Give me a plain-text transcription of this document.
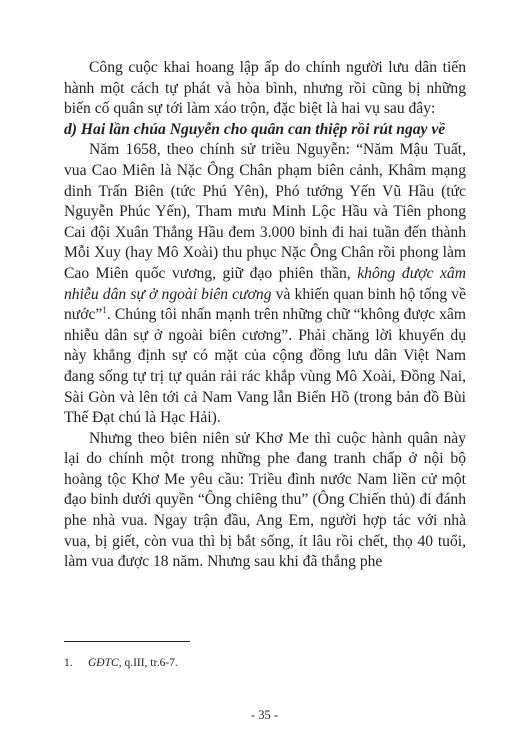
Công cuộc khai hoang lập ấp do chính người lưu dân tiến hành một cách tự phát và hòa bình, nhưng rồi cũng bị những biến cố quân sự tới làm xáo trộn, đặc biệt là hai vụ sau đây:

d) Hai lần chúa Nguyễn cho quân can thiệp rồi rút ngay về

Năm 1658, theo chính sử triều Nguyễn: “Năm Mậu Tuất, vua Cao Miên là Nặc Ông Chân phạm biên cảnh, Khâm mạng dinh Trấn Biên (tức Phú Yên), Phó tướng Yến Vũ Hầu (tức Nguyễn Phúc Yến), Tham mưu Minh Lộc Hầu và Tiên phong Cai đội Xuân Thắng Hầu đem 3.000 binh đi hai tuần đến thành Mỗi Xuy (hay Mô Xoài) thu phục Nặc Ông Chân rồi phong làm Cao Miên quốc vương, giữ đạo phiên thần, không được xâm nhiễu dân sự ở ngoài biên cương và khiến quan binh hộ tống về nước”$^1$. Chúng tôi nhấn mạnh trên những chữ “không được xâm nhiễu dân sự ở ngoài biên cương”. Phải chăng lời khuyến dụ này khẳng định sự có mặt của cộng đồng lưu dân Việt Nam đang sống tự trị tự quản rải rác khắp vùng Mô Xoài, Đồng Nai, Sài Gòn và lên tới cả Nam Vang lẫn Biển Hồ (trong bản đồ Bùi Thế Đạt chú là Hạc Hải).

Nhưng theo biên niên sử Khơ Me thì cuộc hành quân này lại do chính một trong những phe đang tranh chấp ở nội bộ hoàng tộc Khơ Me yêu cầu: Triều đình nước Nam liền cử một đạo binh dưới quyền “Ông chiêng thu” (Ông Chiến thủ) đi đánh phe nhà vua. Ngay trận đầu, Ang Em, người hợp tác với nhà vua, bị giết, còn vua thì bị bắt sống, ít lâu rồi chết, thọ 40 tuổi, làm vua được 18 năm. Nhưng sau khi đã thắng phe

1. GĐTC, q.III, tr.6-7.
- 35 -
